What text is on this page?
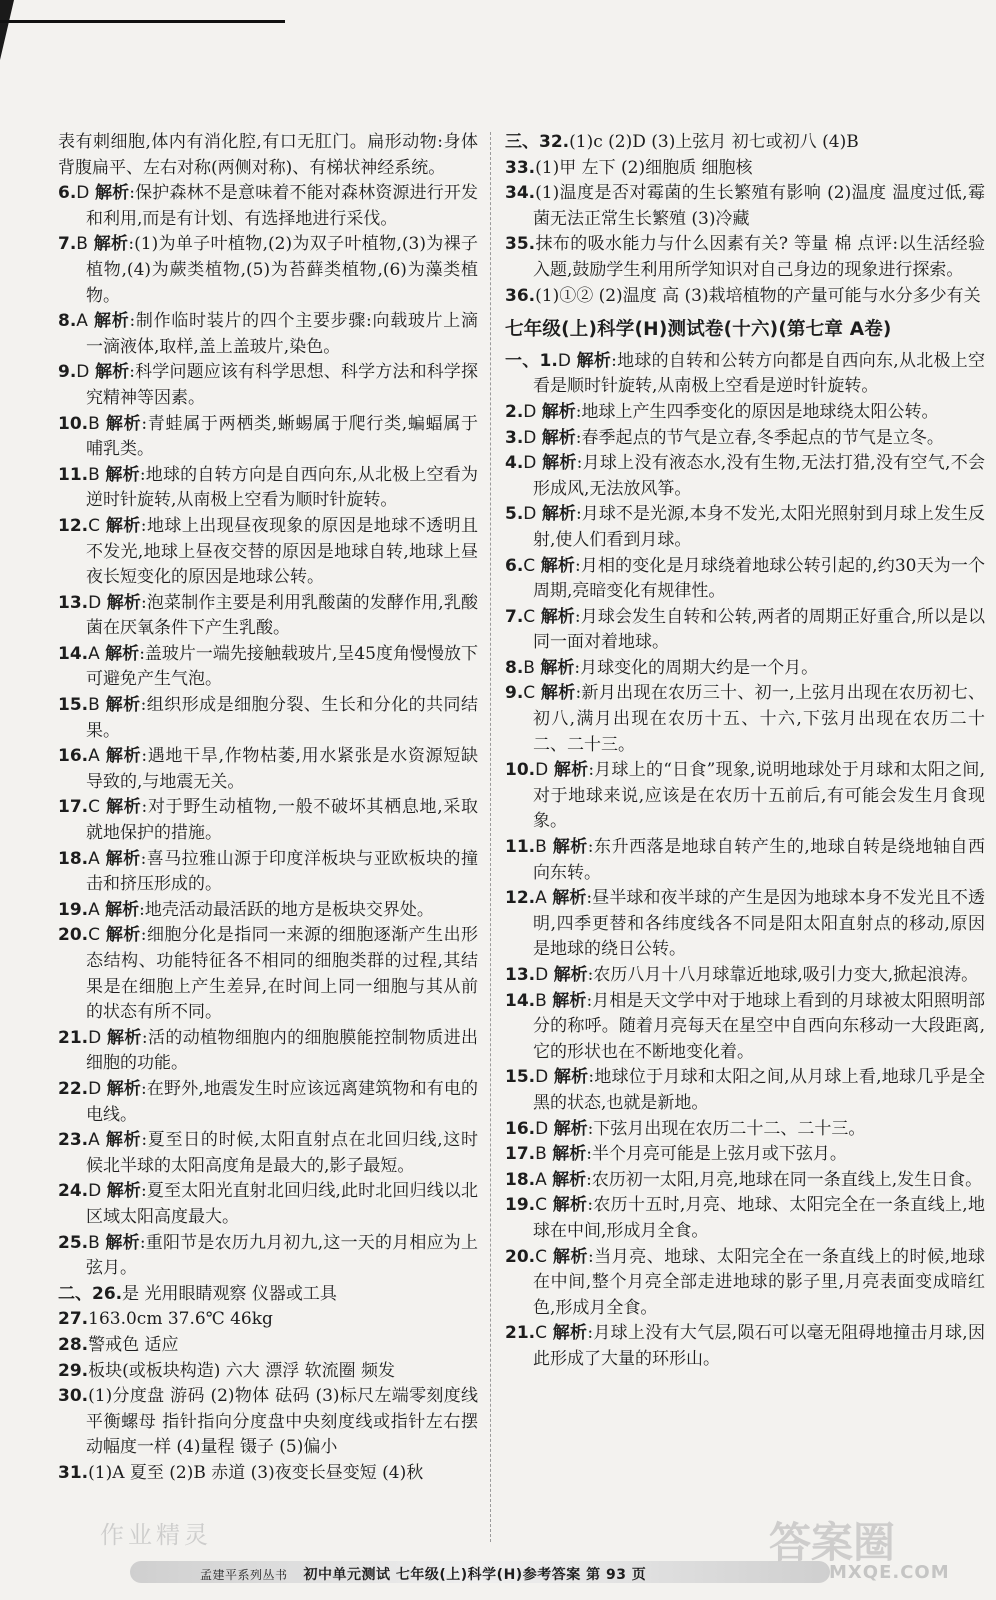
表有刺细胞,体内有消化腔,有口无肛门。扁形动物:身体背腹扁平、左右对称(两侧对称)、有梯状神经系统。

6.D 解析:保护森林不是意味着不能对森林资源进行开发和利用,而是有计划、有选择地进行采伐。

7.B 解析:(1)为单子叶植物,(2)为双子叶植物,(3)为裸子植物,(4)为蕨类植物,(5)为苔藓类植物,(6)为藻类植物。

8.A 解析:制作临时装片的四个主要步骤:向载玻片上滴一滴液体,取样,盖上盖玻片,染色。

9.D 解析:科学问题应该有科学思想、科学方法和科学探究精神等因素。

10.B 解析:青蛙属于两栖类,蜥蜴属于爬行类,蝙蝠属于哺乳类。

11.B 解析:地球的自转方向是自西向东,从北极上空看为逆时针旋转,从南极上空看为顺时针旋转。

12.C 解析:地球上出现昼夜现象的原因是地球不透明且不发光,地球上昼夜交替的原因是地球自转,地球上昼夜长短变化的原因是地球公转。

13.D 解析:泡菜制作主要是利用乳酸菌的发酵作用,乳酸菌在厌氧条件下产生乳酸。

14.A 解析:盖玻片一端先接触载玻片,呈45度角慢慢放下可避免产生气泡。

15.B 解析:组织形成是细胞分裂、生长和分化的共同结果。

16.A 解析:遇地干旱,作物枯萎,用水紧张是水资源短缺导致的,与地震无关。

17.C 解析:对于野生动植物,一般不破坏其栖息地,采取就地保护的措施。

18.A 解析:喜马拉雅山源于印度洋板块与亚欧板块的撞击和挤压形成的。

19.A 解析:地壳活动最活跃的地方是板块交界处。

20.C 解析:细胞分化是指同一来源的细胞逐渐产生出形态结构、功能特征各不相同的细胞类群的过程,其结果是在细胞上产生差异,在时间上同一细胞与其从前的状态有所不同。

21.D 解析:活的动植物细胞内的细胞膜能控制物质进出细胞的功能。

22.D 解析:在野外,地震发生时应该远离建筑物和有电的电线。

23.A 解析:夏至日的时候,太阳直射点在北回归线,这时候北半球的太阳高度角是最大的,影子最短。

24.D 解析:夏至太阳光直射北回归线,此时北回归线以北区域太阳高度最大。

25.B 解析:重阳节是农历九月初九,这一天的月相应为上弦月。

二、26.是 光用眼睛观察 仪器或工具

27.163.0cm 37.6℃ 46kg

28.警戒色 适应

29.板块(或板块构造) 六大 漂浮 软流圈 频发

30.(1)分度盘 游码 (2)物体 砝码 (3)标尺左端零刻度线 平衡螺母 指针指向分度盘中央刻度线或指针左右摆动幅度一样 (4)量程 镊子 (5)偏小

31.(1)A 夏至 (2)B 赤道 (3)夜变长昼变短 (4)秋

三、32.(1)c (2)D (3)上弦月 初七或初八 (4)B

33.(1)甲 左下 (2)细胞质 细胞核

34.(1)温度是否对霉菌的生长繁殖有影响 (2)温度 温度过低,霉菌无法正常生长繁殖 (3)冷藏

35.抹布的吸水能力与什么因素有关? 等量 棉 点评:以生活经验入题,鼓励学生利用所学知识对自己身边的现象进行探索。

36.(1)①② (2)温度 高 (3)栽培植物的产量可能与水分多少有关

七年级(上)科学(H)测试卷(十六)(第七章 A卷)

一、1.D 解析:地球的自转和公转方向都是自西向东,从北极上空看是顺时针旋转,从南极上空看是逆时针旋转。

2.D 解析:地球上产生四季变化的原因是地球绕太阳公转。

3.D 解析:春季起点的节气是立春,冬季起点的节气是立冬。

4.D 解析:月球上没有液态水,没有生物,无法打猎,没有空气,不会形成风,无法放风筝。

5.D 解析:月球不是光源,本身不发光,太阳光照射到月球上发生反射,使人们看到月球。

6.C 解析:月相的变化是月球绕着地球公转引起的,约30天为一个周期,亮暗变化有规律性。

7.C 解析:月球会发生自转和公转,两者的周期正好重合,所以是以同一面对着地球。

8.B 解析:月球变化的周期大约是一个月。

9.C 解析:新月出现在农历三十、初一,上弦月出现在农历初七、初八,满月出现在农历十五、十六,下弦月出现在农历二十二、二十三。

10.D 解析:月球上的“日食”现象,说明地球处于月球和太阳之间,对于地球来说,应该是在农历十五前后,有可能会发生月食现象。

11.B 解析:东升西落是地球自转产生的,地球自转是绕地轴自西向东转。

12.A 解析:昼半球和夜半球的产生是因为地球本身不发光且不透明,四季更替和各纬度线各不同是阳太阳直射点的移动,原因是地球的绕日公转。

13.D 解析:农历八月十八月球靠近地球,吸引力变大,掀起浪涛。

14.B 解析:月相是天文学中对于地球上看到的月球被太阳照明部分的称呼。随着月亮每天在星空中自西向东移动一大段距离,它的形状也在不断地变化着。

15.D 解析:地球位于月球和太阳之间,从月球上看,地球几乎是全黑的状态,也就是新地。

16.D 解析:下弦月出现在农历二十二、二十三。

17.B 解析:半个月亮可能是上弦月或下弦月。

18.A 解析:农历初一太阳,月亮,地球在同一条直线上,发生日食。

19.C 解析:农历十五时,月亮、地球、太阳完全在一条直线上,地球在中间,形成月全食。

20.C 解析:当月亮、地球、太阳完全在一条直线上的时候,地球在中间,整个月亮全部走进地球的影子里,月亮表面变成暗红色,形成月全食。

21.C 解析:月球上没有大气层,陨石可以毫无阻碍地撞击月球,因此形成了大量的环形山。

作业精灵
孟建平系列丛书 初中单元测试 七年级(上)科学(H)参考答案 第 93 页
答案圈
MXQE.COM
